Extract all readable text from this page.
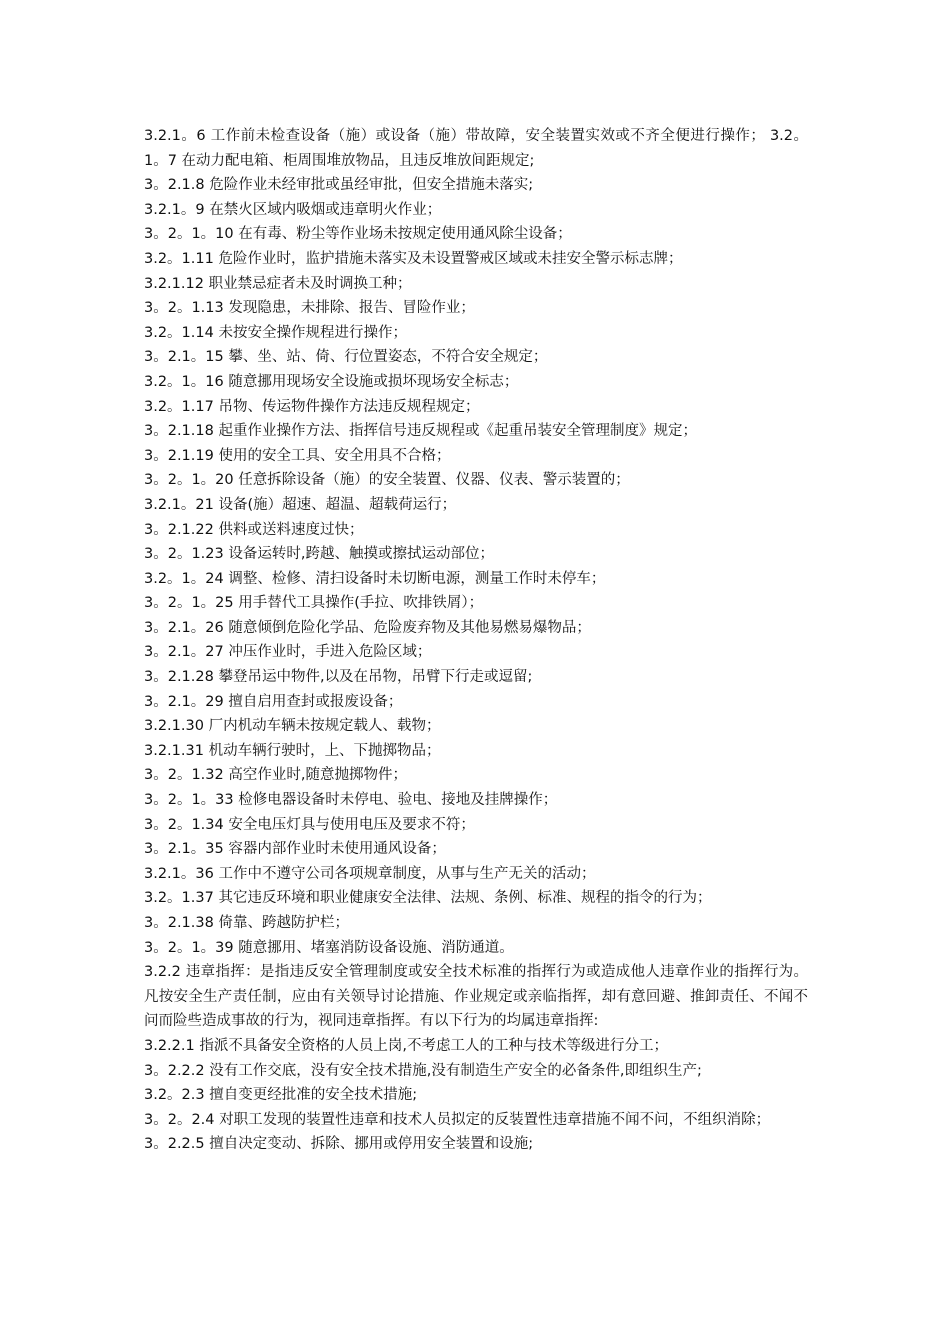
3.2.1。6 工作前未检查设备（施）或设备（施）带故障，安全装置实效或不齐全便进行操作； 3.2。1。7 在动力配电箱、柜周围堆放物品，且违反堆放间距规定;

3。2.1.8 危险作业未经审批或虽经审批，但安全措施未落实;

3.2.1。9 在禁火区域内吸烟或违章明火作业；

3。2。1。10 在有毒、粉尘等作业场未按规定使用通风除尘设备；

3.2。1.11 危险作业时，监护措施未落实及未设置警戒区域或未挂安全警示标志牌；

3.2.1.12 职业禁忌症者未及时调换工种；

3。2。1.13 发现隐患，未排除、报告、冒险作业；

3.2。1.14 未按安全操作规程进行操作；

3。2.1。15 攀、坐、站、倚、行位置姿态，不符合安全规定；

3.2。1。16 随意挪用现场安全设施或损坏现场安全标志；

3.2。1.17 吊物、传运物件操作方法违反规程规定；

3。2.1.18 起重作业操作方法、指挥信号违反规程或《起重吊装安全管理制度》规定；

3。2.1.19 使用的安全工具、安全用具不合格；

3。2。1。20 任意拆除设备（施）的安全装置、仪器、仪表、警示装置的；

3.2.1。21 设备(施）超速、超温、超载荷运行；

3。2.1.22 供料或送料速度过快；

3。2。1.23 设备运转时,跨越、触摸或擦拭运动部位；

3.2。1。24 调整、检修、清扫设备时未切断电源，测量工作时未停车；

3。2。1。25 用手替代工具操作(手拉、吹排铁屑）；

3。2.1。26 随意倾倒危险化学品、危险废弃物及其他易燃易爆物品；

3。2.1。27 冲压作业时，手进入危险区域；

3。2.1.28 攀登吊运中物件,以及在吊物，吊臂下行走或逗留;

3。2.1。29 擅自启用查封或报废设备；

3.2.1.30 厂内机动车辆未按规定载人、载物；

3.2.1.31 机动车辆行驶时，上、下抛掷物品；

3。2。1.32 高空作业时,随意抛掷物件；

3。2。1。33 检修电器设备时未停电、验电、接地及挂牌操作；

3。2。1.34 安全电压灯具与使用电压及要求不符；

3。2.1。35 容器内部作业时未使用通风设备；

3.2.1。36 工作中不遵守公司各项规章制度，从事与生产无关的活动；

3.2。1.37 其它违反环境和职业健康安全法律、法规、条例、标准、规程的指令的行为；

3。2.1.38 倚靠、跨越防护栏；

3。2。1。39 随意挪用、堵塞消防设备设施、消防通道。

3.2.2 违章指挥：是指违反安全管理制度或安全技术标准的指挥行为或造成他人违章作业的指挥行为。凡按安全生产责任制，应由有关领导讨论措施、作业规定或亲临指挥，却有意回避、推卸责任、不闻不问而险些造成事故的行为，视同违章指挥。有以下行为的均属违章指挥:

3.2.2.1 指派不具备安全资格的人员上岗,不考虑工人的工种与技术等级进行分工；

3。2.2.2 没有工作交底，没有安全技术措施,没有制造生产安全的必备条件,即组织生产;

3.2。2.3 擅自变更经批准的安全技术措施;

3。2。2.4 对职工发现的装置性违章和技术人员拟定的反装置性违章措施不闻不问，不组织消除；

3。2.2.5 擅自决定变动、拆除、挪用或停用安全装置和设施;
